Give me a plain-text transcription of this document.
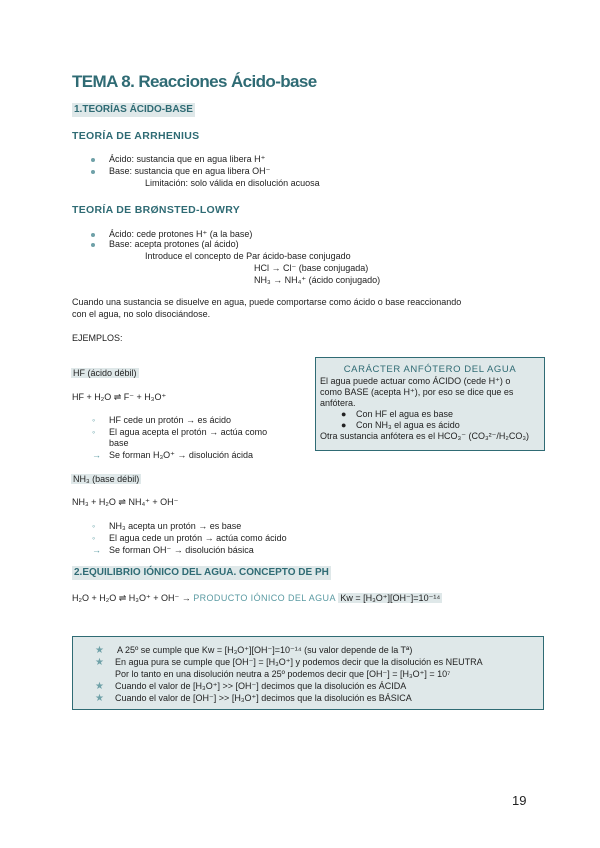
TEMA 8. Reacciones Ácido-base
1.TEORÍAS ÁCIDO-BASE
TEORÍA DE ARRHENIUS
Ácido: sustancia que en agua libera H⁺
Base: sustancia que en agua libera OH⁻
Limitación: solo válida en disolución acuosa
TEORÍA DE BRØNSTED-LOWRY
Ácido: cede protones H⁺ (a la base)
Base: acepta protones (al ácido)
Introduce el concepto de Par ácido-base conjugado
HCl → Cl⁻ (base conjugada)
NH₃ → NH₄⁺ (ácido conjugado)
Cuando una sustancia se disuelve en agua, puede comportarse como ácido o base reaccionando
con el agua, no solo disociándose.
EJEMPLOS:
HF (ácido débil)
HF + H₂O ⇌ F⁻ + H₃O⁺
◦ HF cede un protón → es ácido
◦ El agua acepta el protón → actúa como
base
→ Se forman H₃O⁺ → disolución ácida
NH₃ (base débil)
NH₃ + H₂O ⇌ NH₄⁺ + OH⁻
◦ NH₃ acepta un protón → es base
◦ El agua cede un protón → actúa como ácido
→ Se forman OH⁻ → disolución básica
CARÁCTER ANFÓTERO DEL AGUA
El agua puede actuar como ÁCIDO (cede H⁺) o
como BASE (acepta H⁺), por eso se dice que es
anfótera.
● Con HF el agua es base
● Con NH₃ el agua es ácido
Otra sustancia anfótera es el HCO₃⁻ (CO₃²⁻/H₂CO₃)
2.EQUILIBRIO IÓNICO DEL AGUA. CONCEPTO DE PH
H₂O + H₂O ⇌ H₃O⁺ + OH⁻ → PRODUCTO IÓNICO DEL AGUA Kw = [H₃O⁺][OH⁻]=10⁻¹⁴
★ A 25º se cumple que Kw = [H₃O⁺][OH⁻]=10⁻¹⁴ (su valor depende de la Tª)
★ En agua pura se cumple que [OH⁻] = [H₃O⁺] y podemos decir que la disolución es NEUTRA
Por lo tanto en una disolución neutra a 25º podemos decir que [OH⁻] = [H₃O⁺] = 10⁷
★ Cuando el valor de [H₃O⁺] >> [OH⁻] decimos que la disolución es ÁCIDA
★ Cuando el valor de [OH⁻] >> [H₃O⁺] decimos que la disolución es BÁSICA
19
